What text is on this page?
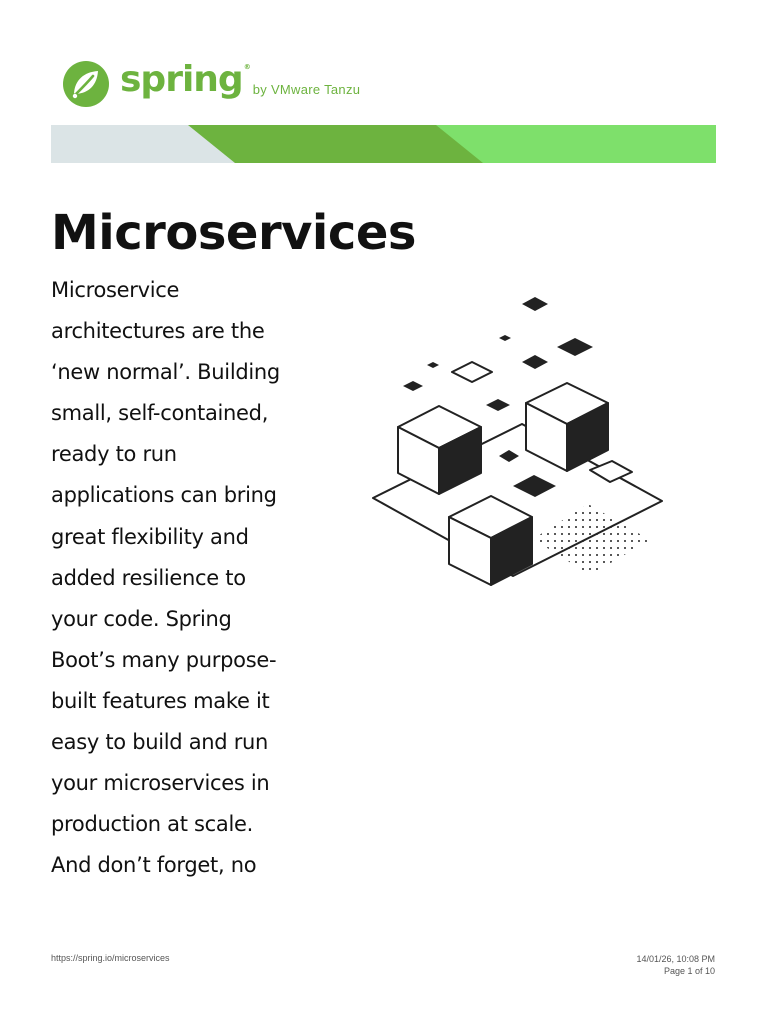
spring®
by VMware Tanzu
Microservices
Microservice
architectures are the
‘new normal’. Building
small, self-contained,
ready to run
applications can bring
great flexibility and
added resilience to
your code. Spring
Boot’s many purpose-
built features make it
easy to build and run
your microservices in
production at scale.
And don’t forget, no
https://spring.io/microservices	14/01/26, 10:08 PM
Page 1 of 10
